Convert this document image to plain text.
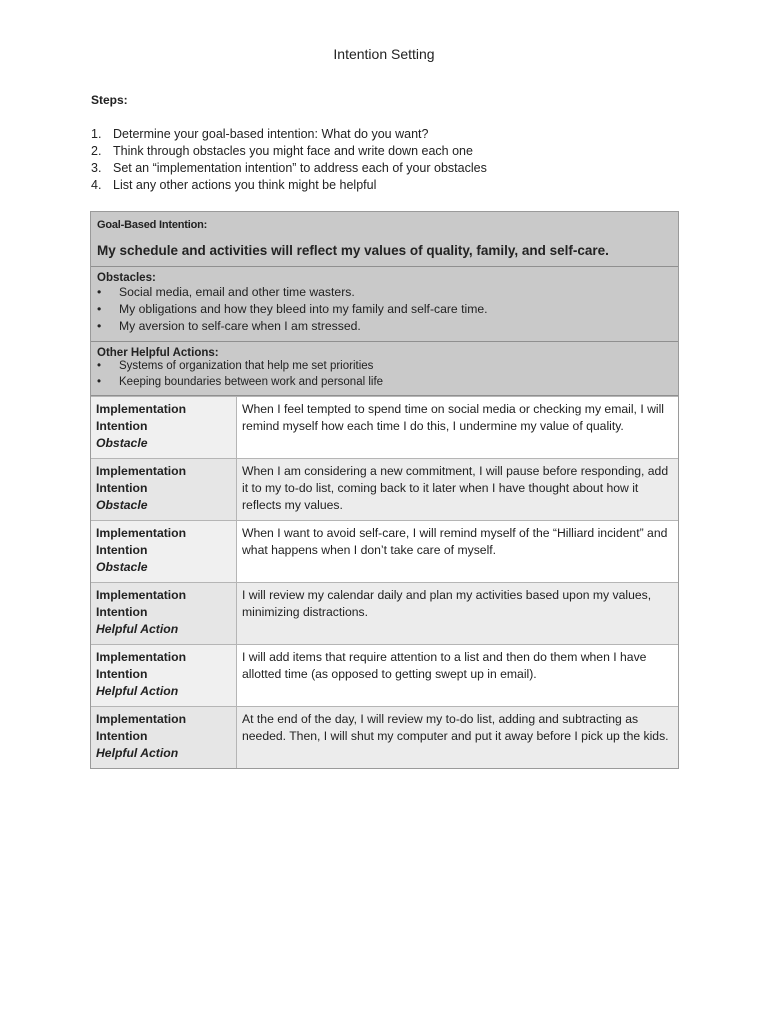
Intention Setting
Steps:
1. Determine your goal-based intention: What do you want?
2. Think through obstacles you might face and write down each one
3. Set an “implementation intention” to address each of your obstacles
4. List any other actions you think might be helpful
Goal-Based Intention:
My schedule and activities will reflect my values of quality, family, and self-care.
Obstacles:
•	Social media, email and other time wasters.
•	My obligations and how they bleed into my family and self-care time.
•	My aversion to self-care when I am stressed.
Other Helpful Actions:
•	Systems of organization that help me set priorities
•	Keeping boundaries between work and personal life
Implementation
Intention
Obstacle
When I feel tempted to spend time on social media or checking my email, I will remind myself how each time I do this, I undermine my value of quality.
Implementation
Intention
Obstacle
When I am considering a new commitment, I will pause before responding, add it to my to-do list, coming back to it later when I have thought about how it reflects my values.
Implementation
Intention
Obstacle
When I want to avoid self-care, I will remind myself of the “Hilliard incident” and what happens when I don’t take care of myself.
Implementation
Intention
Helpful Action
I will review my calendar daily and plan my activities based upon my values, minimizing distractions.
Implementation
Intention
Helpful Action
I will add items that require attention to a list and then do them when I have allotted time (as opposed to getting swept up in email).
Implementation
Intention
Helpful Action
At the end of the day, I will review my to-do list, adding and subtracting as needed. Then, I will shut my computer and put it away before I pick up the kids.
